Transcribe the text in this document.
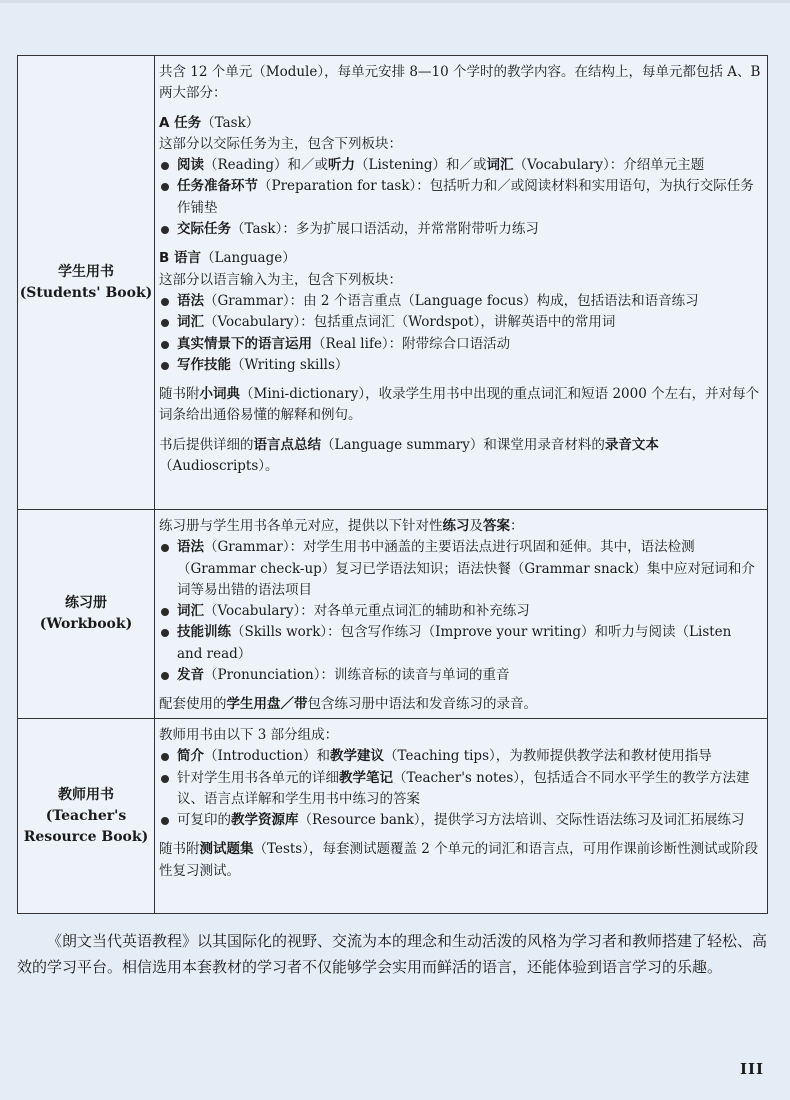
学生用书
(Students' Book)

共含 12 个单元（Module），每单元安排 8—10 个学时的教学内容。在结构上，每单元都包括 A、B 两大部分：

A 任务（Task）

这部分以交际任务为主，包含下列板块：

阅读（Reading）和／或听力（Listening）和／或词汇（Vocabulary）：介绍单元主题
任务准备环节（Preparation for task）：包括听力和／或阅读材料和实用语句，为执行交际任务作铺垫
交际任务（Task）：多为扩展口语活动，并常常附带听力练习

B 语言（Language）

这部分以语言输入为主，包含下列板块：

语法（Grammar）：由 2 个语言重点（Language focus）构成，包括语法和语音练习
词汇（Vocabulary）：包括重点词汇（Wordspot），讲解英语中的常用词
真实情景下的语言运用（Real life）：附带综合口语活动
写作技能（Writing skills）

随书附小词典（Mini-dictionary），收录学生用书中出现的重点词汇和短语 2000 个左右，并对每个词条给出通俗易懂的解释和例句。

书后提供详细的语言点总结（Language summary）和课堂用录音材料的录音文本（Audioscripts）。

练习册
(Workbook)

练习册与学生用书各单元对应，提供以下针对性练习及答案：

语法（Grammar）：对学生用书中涵盖的主要语法点进行巩固和延伸。其中，语法检测（Grammar check-up）复习已学语法知识；语法快餐（Grammar snack）集中应对冠词和介词等易出错的语法项目
词汇（Vocabulary）：对各单元重点词汇的辅助和补充练习
技能训练（Skills work）：包含写作练习（Improve your writing）和听力与阅读（Listen and read）
发音（Pronunciation）：训练音标的读音与单词的重音

配套使用的学生用盘／带包含练习册中语法和发音练习的录音。

教师用书
(Teacher's
Resource Book)

教师用书由以下 3 部分组成：

简介（Introduction）和教学建议（Teaching tips），为教师提供教学法和教材使用指导
针对学生用书各单元的详细教学笔记（Teacher's notes），包括适合不同水平学生的教学方法建议、语言点详解和学生用书中练习的答案
可复印的教学资源库（Resource bank），提供学习方法培训、交际性语法练习及词汇拓展练习

随书附测试题集（Tests），每套测试题覆盖 2 个单元的词汇和语言点，可用作课前诊断性测试或阶段性复习测试。

《朗文当代英语教程》以其国际化的视野、交流为本的理念和生动活泼的风格为学习者和教师搭建了轻松、高效的学习平台。相信选用本套教材的学习者不仅能够学会实用而鲜活的语言，还能体验到语言学习的乐趣。

III
